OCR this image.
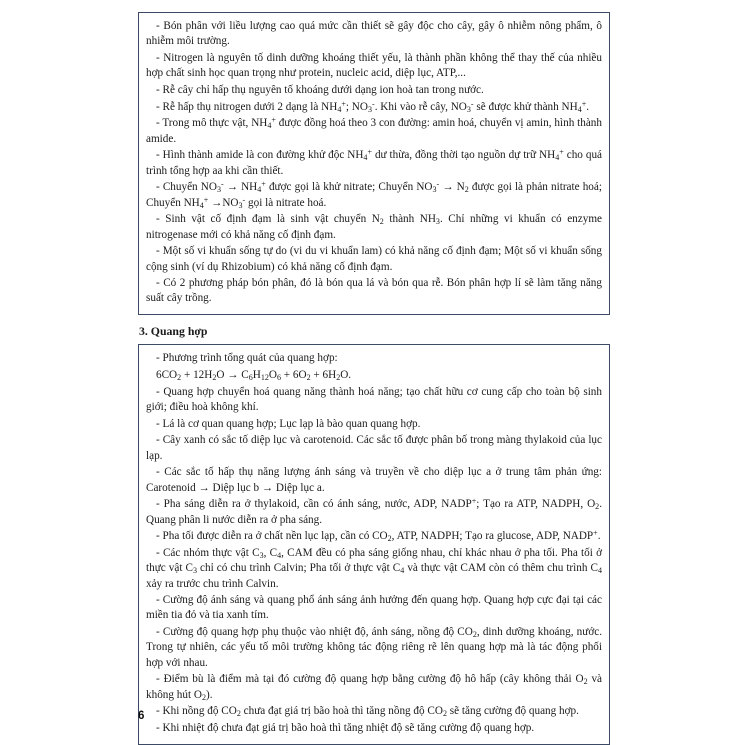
- Bón phân với liều lượng cao quá mức cần thiết sẽ gây độc cho cây, gây ô nhiễm nông phẩm, ô nhiễm môi trường.

- Nitrogen là nguyên tố dinh dưỡng khoáng thiết yếu, là thành phần không thể thay thế của nhiều hợp chất sinh học quan trọng như protein, nucleic acid, diệp lục, ATP,...

- Rễ cây chỉ hấp thụ nguyên tố khoáng dưới dạng ion hoà tan trong nước.

- Rễ hấp thụ nitrogen dưới 2 dạng là $NH_4^+$; $NO_3^-$. Khi vào rễ cây, $NO_3^-$ sẽ được khử thành $NH_4^+$.

- Trong mô thực vật, $NH_4^+$ được đồng hoá theo 3 con đường: amin hoá, chuyển vị amin, hình thành amide.

- Hình thành amide là con đường khử độc $NH_4^+$ dư thừa, đồng thời tạo nguồn dự trữ $NH_4^+$ cho quá trình tổng hợp aa khi cần thiết.

- Chuyển $NO_3^- \to NH_4^+$ được gọi là khử nitrate; Chuyển $NO_3^- \to N_2$ được gọi là phản nitrate hoá; Chuyển $NH_4^+ \to NO_3^-$ gọi là nitrate hoá.

- Sinh vật cố định đạm là sinh vật chuyển $N_2$ thành $NH_3$. Chỉ những vi khuẩn có enzyme nitrogenase mới có khả năng cố định đạm.

- Một số vi khuẩn sống tự do (vi du vi khuẩn lam) có khả năng cố định đạm; Một số vi khuẩn sống cộng sinh (ví dụ Rhizobium) có khả năng cố định đạm.

- Có 2 phương pháp bón phân, đó là bón qua lá và bón qua rễ. Bón phân hợp lí sẽ làm tăng năng suất cây trồng.

3. Quang hợp

- Phương trình tổng quát của quang hợp:

$6CO_2 + 12H_2O \to C_6H_{12}O_6 + 6O_2 + 6H_2O$.

- Quang hợp chuyển hoá quang năng thành hoá năng; tạo chất hữu cơ cung cấp cho toàn bộ sinh giới; điều hoà không khí.

- Lá là cơ quan quang hợp; Lục lạp là bào quan quang hợp.

- Cây xanh có sắc tố diệp lục và carotenoid. Các sắc tố được phân bố trong màng thylakoid của lục lạp.

- Các sắc tố hấp thụ năng lượng ánh sáng và truyền về cho diệp lục a ở trung tâm phản ứng: Carotenoid → Diệp lục b → Diệp lục a.

- Pha sáng diễn ra ở thylakoid, cần có ánh sáng, nước, ADP, NADP+; Tạo ra ATP, NADPH, $O_2$. Quang phân li nước diễn ra ở pha sáng.

- Pha tối được diễn ra ở chất nền lục lạp, cần có $CO_2$, ATP, NADPH; Tạo ra glucose, ADP, NADP+.

- Các nhóm thực vật $C_3$, $C_4$, CAM đều có pha sáng giống nhau, chỉ khác nhau ở pha tối. Pha tối ở thực vật $C_3$ chỉ có chu trình Calvin; Pha tối ở thực vật $C_4$ và thực vật CAM còn có thêm chu trình $C_4$ xảy ra trước chu trình Calvin.

- Cường độ ánh sáng và quang phổ ánh sáng ảnh hưởng đến quang hợp. Quang hợp cực đại tại các miền tia đỏ và tia xanh tím.

- Cường độ quang hợp phụ thuộc vào nhiệt độ, ánh sáng, nồng độ $CO_2$, dinh dưỡng khoáng, nước. Trong tự nhiên, các yếu tố môi trường không tác động riêng rẽ lên quang hợp mà là tác động phối hợp với nhau.

- Điểm bù là điểm mà tại đó cường độ quang hợp bằng cường độ hô hấp (cây không thải $O_2$ và không hút $O_2$).

- Khi nồng độ $CO_2$ chưa đạt giá trị bão hoà thì tăng nồng độ $CO_2$ sẽ tăng cường độ quang hợp.

- Khi nhiệt độ chưa đạt giá trị bão hoà thì tăng nhiệt độ sẽ tăng cường độ quang hợp.

6
